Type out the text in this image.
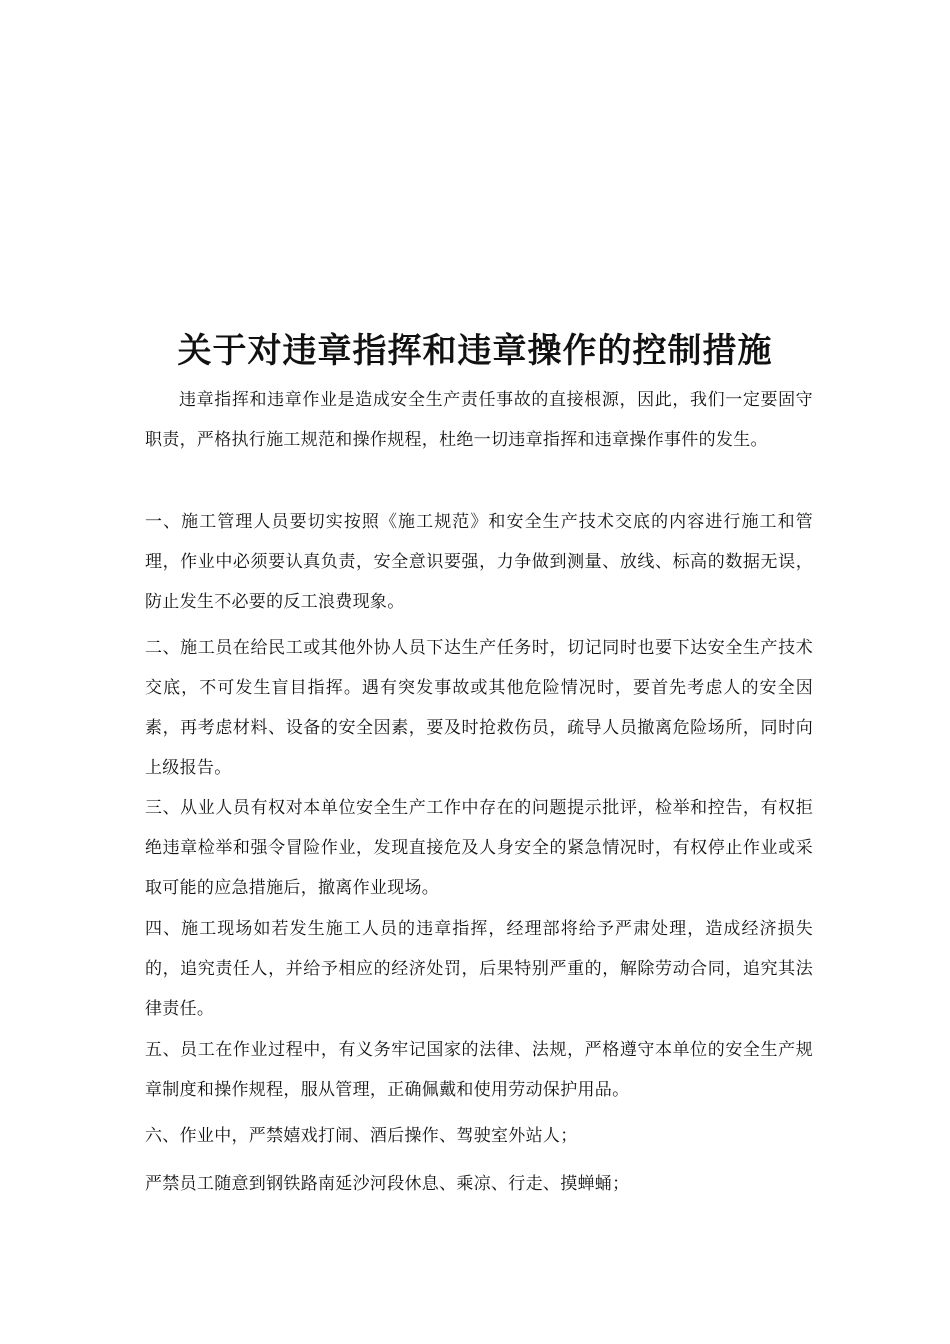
关于对违章指挥和违章操作的控制措施
违章指挥和违章作业是造成安全生产责任事故的直接根源，因此，我们一定要固守职责，严格执行施工规范和操作规程，杜绝一切违章指挥和违章操作事件的发生。
一、施工管理人员要切实按照《施工规范》和安全生产技术交底的内容进行施工和管理，作业中必须要认真负责，安全意识要强，力争做到测量、放线、标高的数据无误，防止发生不必要的反工浪费现象。
二、施工员在给民工或其他外协人员下达生产任务时，切记同时也要下达安全生产技术交底，不可发生盲目指挥。遇有突发事故或其他危险情况时，要首先考虑人的安全因素，再考虑材料、设备的安全因素，要及时抢救伤员，疏导人员撤离危险场所，同时向上级报告。
三、从业人员有权对本单位安全生产工作中存在的问题提示批评，检举和控告，有权拒绝违章检举和强令冒险作业，发现直接危及人身安全的紧急情况时，有权停止作业或采取可能的应急措施后，撤离作业现场。
四、施工现场如若发生施工人员的违章指挥，经理部将给予严肃处理，造成经济损失的，追究责任人，并给予相应的经济处罚，后果特别严重的，解除劳动合同，追究其法律责任。
五、员工在作业过程中，有义务牢记国家的法律、法规，严格遵守本单位的安全生产规章制度和操作规程，服从管理，正确佩戴和使用劳动保护用品。
六、作业中，严禁嬉戏打闹、酒后操作、驾驶室外站人；
严禁员工随意到钢铁路南延沙河段休息、乘凉、行走、摸蝉蛹；
